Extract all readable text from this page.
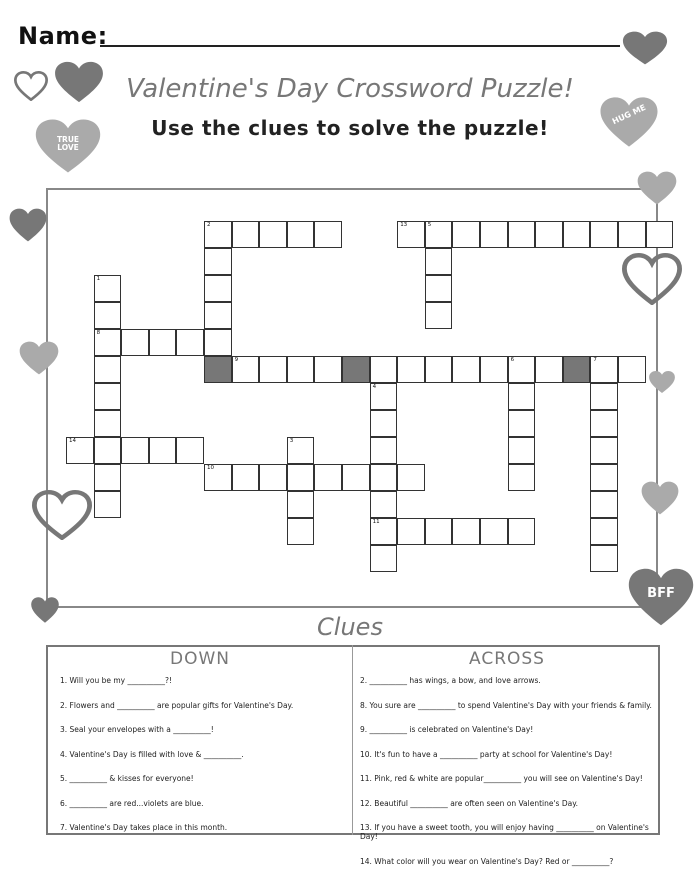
Name:
Valentine's Day Crossword Puzzle!
Use the clues to solve the puzzle!
2	13	5
1
8
9	6	7
4
11
14	3
10
Clues
DOWN	ACROSS
1. Will you be my __________?!
2. Flowers and __________ are popular gifts for Valentine's Day.
3. Seal your envelopes with a __________!
4. Valentine's Day is filled with love & __________.
5. __________ & kisses for everyone!
6. __________ are red...violets are blue.
7. Valentine's Day takes place in this month.
2. __________ has wings, a bow, and love arrows.
8. You sure are __________ to spend Valentine's Day with your friends & family.
9. __________ is celebrated on Valentine's Day!
10. It's fun to have a __________ party at school for Valentine's Day!
11. Pink, red & white are popular__________ you will see on Valentine's Day!
12. Beautiful __________ are often seen on Valentine's Day.
13. If you have a sweet tooth, you will enjoy having __________ on Valentine's Day!
14. What color will you wear on Valentine's Day? Red or __________?
TRUE LOVE
HUG ME
BFF
